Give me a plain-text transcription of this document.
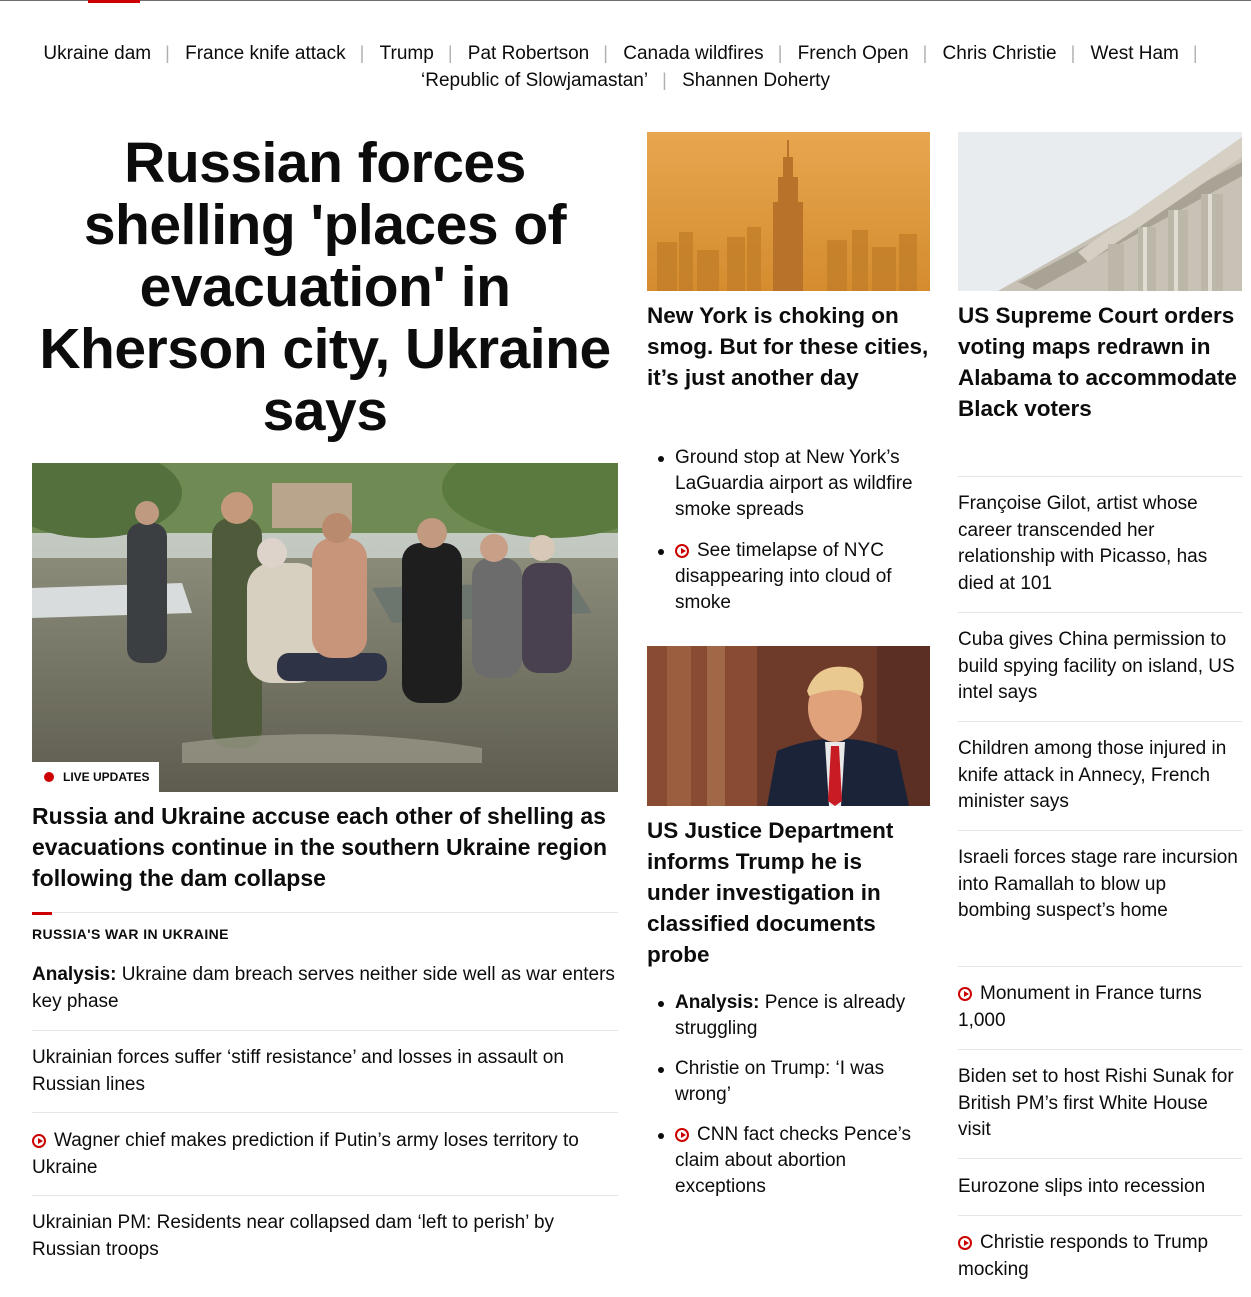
Ukraine dam | France knife attack | Trump | Pat Robertson | Canada wildfires | French Open | Chris Christie | West Ham |
‘Republic of Slowjamastan’ | Shannen Doherty
Russian forces shelling 'places of evacuation' in Kherson city, Ukraine says
LIVE UPDATES
Russia and Ukraine accuse each other of shelling as evacuations continue in the southern Ukraine region following the dam collapse
RUSSIA'S WAR IN UKRAINE
Analysis: Ukraine dam breach serves neither side well as war enters key phase
Ukrainian forces suffer ‘stiff resistance’ and losses in assault on Russian lines
Wagner chief makes prediction if Putin’s army loses territory to Ukraine
Ukrainian PM: Residents near collapsed dam ‘left to perish’ by Russian troops
New York is choking on smog. But for these cities, it’s just another day
Ground stop at New York’s LaGuardia airport as wildfire smoke spreads
See timelapse of NYC disappearing into cloud of smoke
US Justice Department informs Trump he is under investigation in classified documents probe
Analysis: Pence is already struggling
Christie on Trump: ‘I was wrong’
CNN fact checks Pence’s claim about abortion exceptions
US Supreme Court orders voting maps redrawn in Alabama to accommodate Black voters
Françoise Gilot, artist whose career transcended her relationship with Picasso, has died at 101
Cuba gives China permission to build spying facility on island, US intel says
Children among those injured in knife attack in Annecy, French minister says
Israeli forces stage rare incursion into Ramallah to blow up bombing suspect’s home
Monument in France turns 1,000
Biden set to host Rishi Sunak for British PM’s first White House visit
Eurozone slips into recession
Christie responds to Trump mocking
